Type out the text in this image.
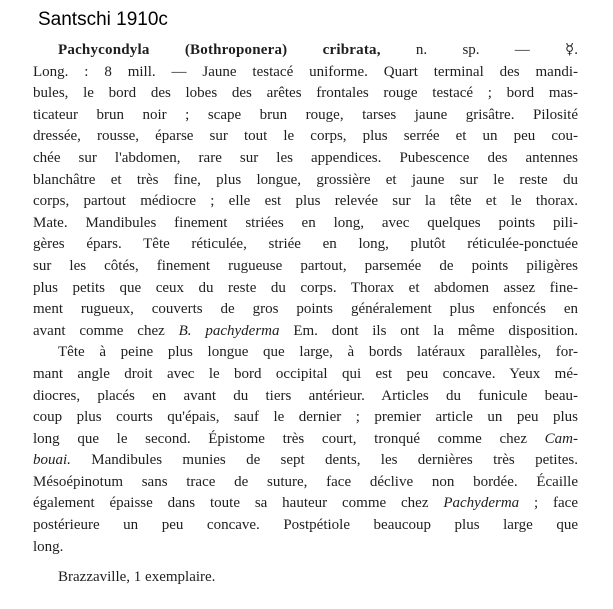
Santschi 1910c
Pachycondyla (Bothroponera) cribrata, n. sp. — ☿.
Long. : 8 mill. — Jaune testacé uniforme. Quart terminal des mandi-
bules, le bord des lobes des arêtes frontales rouge testacé ; bord mas-
ticateur brun noir ; scape brun rouge, tarses jaune grisâtre. Pilosité
dressée, rousse, éparse sur tout le corps, plus serrée et un peu cou-
chée sur l'abdomen, rare sur les appendices. Pubescence des antennes
blanchâtre et très fine, plus longue, grossière et jaune sur le reste du
corps, partout médiocre ; elle est plus relevée sur la tête et le thorax.
Mate. Mandibules finement striées en long, avec quelques points pili-
gères épars. Tête réticulée, striée en long, plutôt réticulée-ponctuée
sur les côtés, finement rugueuse partout, parsemée de points piligères
plus petits que ceux du reste du corps. Thorax et abdomen assez fine-
ment rugueux, couverts de gros points généralement plus enfoncés en
avant comme chez B. pachyderma Em. dont ils ont la même disposition.
Tête à peine plus longue que large, à bords latéraux parallèles, for-
mant angle droit avec le bord occipital qui est peu concave. Yeux mé-
diocres, placés en avant du tiers antérieur. Articles du funicule beau-
coup plus courts qu'épais, sauf le dernier ; premier article un peu plus
long que le second. Épistome très court, tronqué comme chez Cam-
bouai. Mandibules munies de sept dents, les dernières très petites.
Mésoépinotum sans trace de suture, face déclive non bordée. Écaille
également épaisse dans toute sa hauteur comme chez Pachyderma ; face
postérieure un peu concave. Postpétiole beaucoup plus large que
long.
Brazzaville, 1 exemplaire.
